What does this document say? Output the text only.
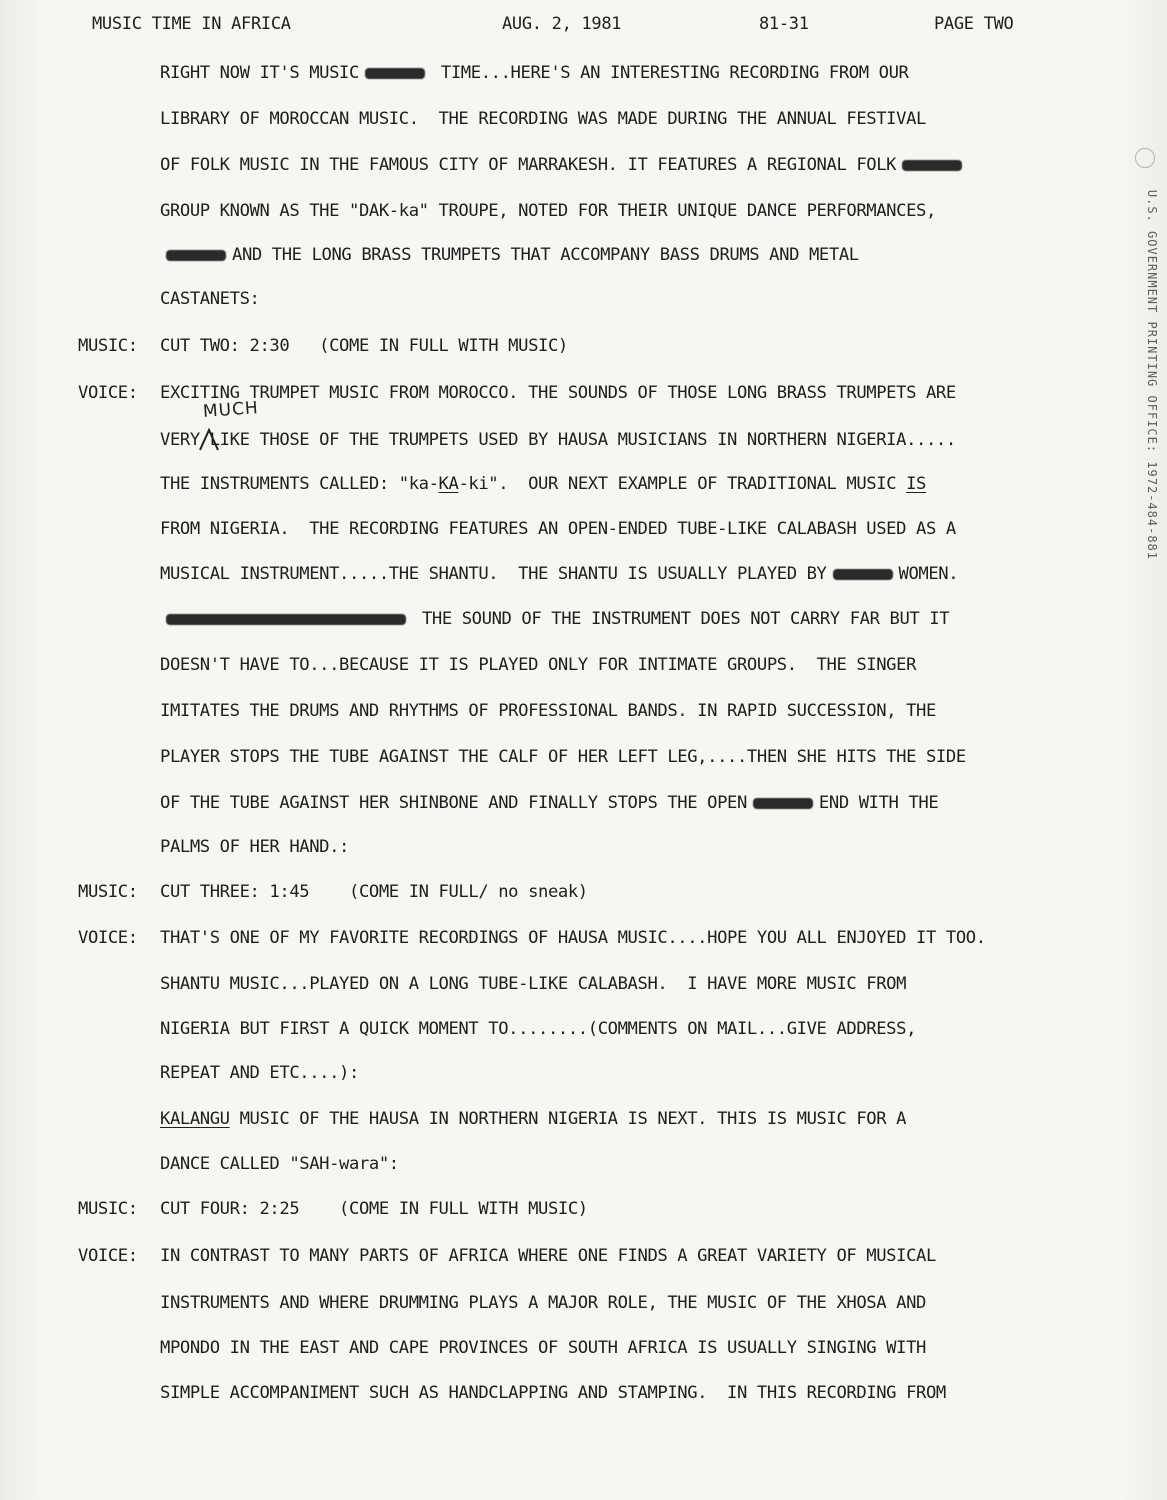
MUSIC TIME IN AFRICA	AUG. 2, 1981	81-31	PAGE TWO
RIGHT NOW IT'S MUSIC	TIME...HERE'S AN INTERESTING RECORDING FROM OUR
LIBRARY OF MOROCCAN MUSIC.  THE RECORDING WAS MADE DURING THE ANNUAL FESTIVAL
OF FOLK MUSIC IN THE FAMOUS CITY OF MARRAKESH. IT FEATURES A REGIONAL FOLK
GROUP KNOWN AS THE "DAK-ka" TROUPE, NOTED FOR THEIR UNIQUE DANCE PERFORMANCES,
AND THE LONG BRASS TRUMPETS THAT ACCOMPANY BASS DRUMS AND METAL
CASTANETS:
MUSIC: CUT TWO: 2:30   (COME IN FULL WITH MUSIC)
VOICE: EXCITING TRUMPET MUSIC FROM MOROCCO. THE SOUNDS OF THOSE LONG BRASS TRUMPETS ARE
VERY LIKE THOSE OF THE TRUMPETS USED BY HAUSA MUSICIANS IN NORTHERN NIGERIA.....
THE INSTRUMENTS CALLED: "ka-KA-ki".  OUR NEXT EXAMPLE OF TRADITIONAL MUSIC IS
FROM NIGERIA.  THE RECORDING FEATURES AN OPEN-ENDED TUBE-LIKE CALABASH USED AS A
MUSICAL INSTRUMENT.....THE SHANTU.  THE SHANTU IS USUALLY PLAYED BY	WOMEN.
THE SOUND OF THE INSTRUMENT DOES NOT CARRY FAR BUT IT
DOESN'T HAVE TO...BECAUSE IT IS PLAYED ONLY FOR INTIMATE GROUPS.  THE SINGER
IMITATES THE DRUMS AND RHYTHMS OF PROFESSIONAL BANDS. IN RAPID SUCCESSION, THE
PLAYER STOPS THE TUBE AGAINST THE CALF OF HER LEFT LEG,....THEN SHE HITS THE SIDE
OF THE TUBE AGAINST HER SHINBONE AND FINALLY STOPS THE OPEN	END WITH THE
PALMS OF HER HAND.:
MUSIC: CUT THREE: 1:45    (COME IN FULL/ no sneak)
VOICE: THAT'S ONE OF MY FAVORITE RECORDINGS OF HAUSA MUSIC....HOPE YOU ALL ENJOYED IT TOO.
SHANTU MUSIC...PLAYED ON A LONG TUBE-LIKE CALABASH.  I HAVE MORE MUSIC FROM
NIGERIA BUT FIRST A QUICK MOMENT TO........(COMMENTS ON MAIL...GIVE ADDRESS,
REPEAT AND ETC....):
KALANGU MUSIC OF THE HAUSA IN NORTHERN NIGERIA IS NEXT. THIS IS MUSIC FOR A
DANCE CALLED "SAH-wara":
MUSIC: CUT FOUR: 2:25    (COME IN FULL WITH MUSIC)
VOICE: IN CONTRAST TO MANY PARTS OF AFRICA WHERE ONE FINDS A GREAT VARIETY OF MUSICAL
INSTRUMENTS AND WHERE DRUMMING PLAYS A MAJOR ROLE, THE MUSIC OF THE XHOSA AND
MPONDO IN THE EAST AND CAPE PROVINCES OF SOUTH AFRICA IS USUALLY SINGING WITH
SIMPLE ACCOMPANIMENT SUCH AS HANDCLAPPING AND STAMPING.  IN THIS RECORDING FROM
MUCH	U.S. GOVERNMENT PRINTING OFFICE: 1972-484-881
